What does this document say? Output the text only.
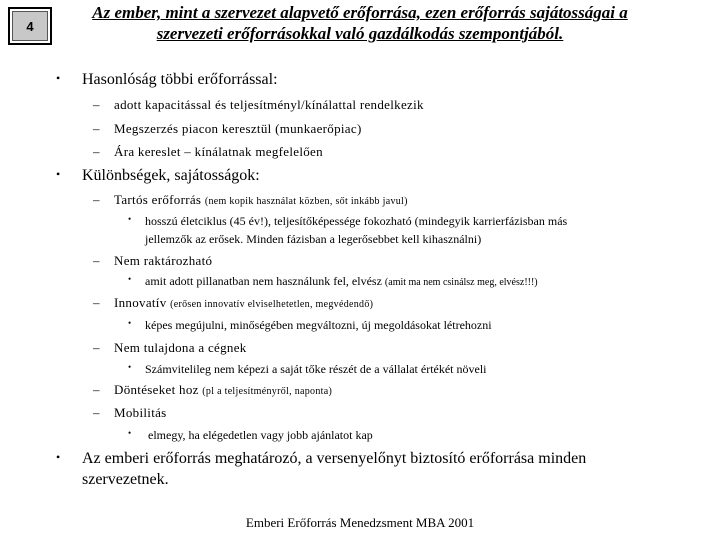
4
Az ember, mint a szervezet alapvető erőforrása, ezen erőforrás sajátosságai a szervezeti erőforrásokkal való gazdálkodás szempontjából.
• Hasonlóság többi erőforrással:
– adott kapacitással és teljesítményl/kínálattal rendelkezik
– Megszerzés piacon keresztül (munkaerőpiac)
– Ára kereslet – kínálatnak megfelelően
• Különbségek, sajátosságok:
– Tartós erőforrás (nem kopik használat közben, sőt inkább javul)
• hosszú életciklus (45 év!), teljesítőképessége fokozható (mindegyik karrierfázisban más
jellemzők az erősek. Minden fázisban a legerősebbet kell kihasználni)
– Nem raktározható
• amit adott pillanatban nem használunk fel, elvész (amit ma nem csinálsz meg, elvész!!!)
– Innovatív (erősen innovatív elvisel​hetetlen, megvédendő)
• képes megújulni, minőségében megváltozni, új megoldásokat létrehozni
– Nem tulajdona a cégnek
• Számvitelileg nem képezi a saját tőke részét de a vállalat értékét növeli
– Döntéseket hoz (pl a teljesítményről, naponta)
– Mobilitás
• elmegy, ha elégedetlen vagy jobb ajánlatot kap
• Az emberi erőforrás meghatározó, a versenyelőnyt biztosító erőforrása minden
szervezetnek.
Emberi Erőforrás Menedzsment MBA 2001
